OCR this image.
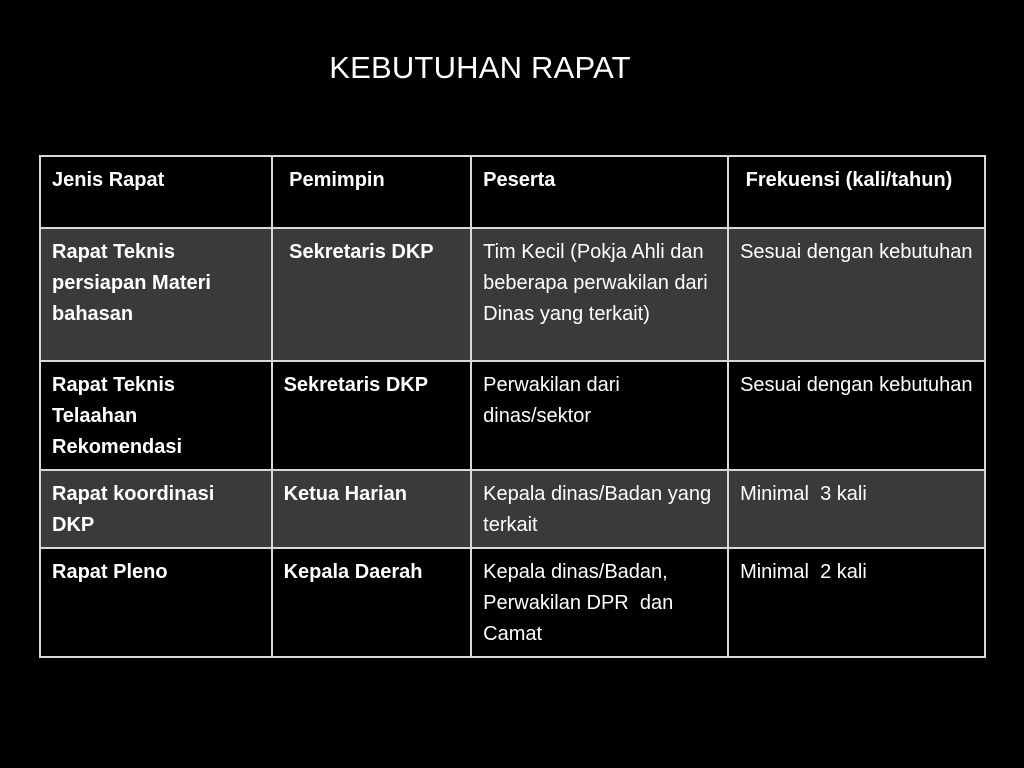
KEBUTUHAN RAPAT
Jenis Rapat	Pemimpin	Peserta	Frekuensi (kali/tahun)
Rapat Teknis persiapan Materi bahasan	Sekretaris DKP	Tim Kecil (Pokja Ahli dan beberapa perwakilan dari Dinas yang terkait)	Sesuai dengan kebutuhan
Rapat Teknis Telaahan Rekomendasi	Sekretaris DKP	Perwakilan dari dinas/sektor	Sesuai dengan kebutuhan
Rapat koordinasi DKP	Ketua Harian	Kepala dinas/Badan yang terkait	Minimal  3 kali
Rapat Pleno	Kepala Daerah	Kepala dinas/Badan, Perwakilan DPR  dan Camat	Minimal  2 kali
